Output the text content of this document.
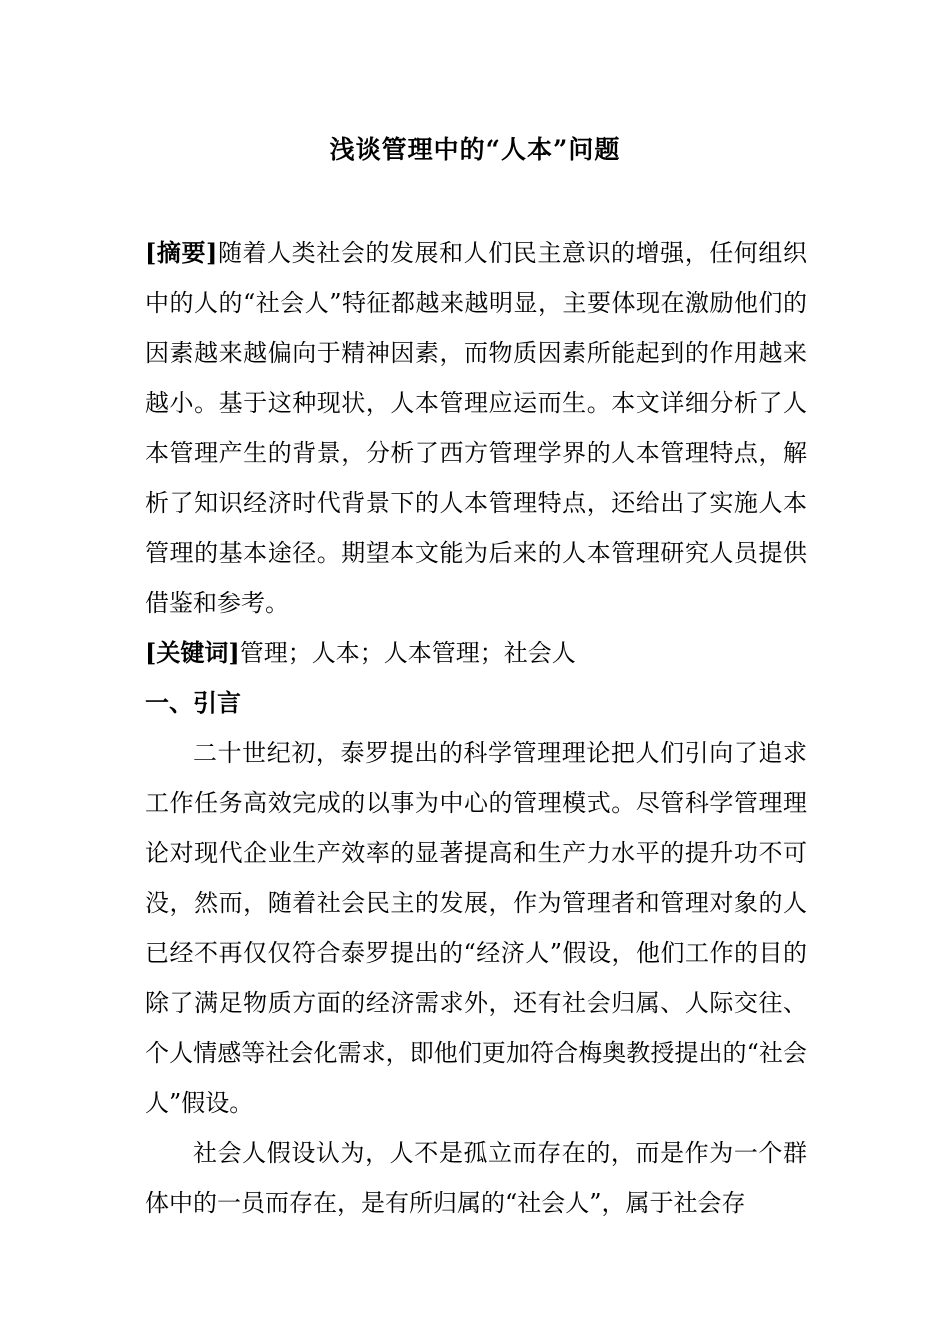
浅谈管理中的“人本”问题

[摘要]随着人类社会的发展和人们民主意识的增强，任何组织中的人的“社会人”特征都越来越明显，主要体现在激励他们的因素越来越偏向于精神因素，而物质因素所能起到的作用越来越小。基于这种现状，人本管理应运而生。本文详细分析了人本管理产生的背景，分析了西方管理学界的人本管理特点，解析了知识经济时代背景下的人本管理特点，还给出了实施人本管理的基本途径。期望本文能为后来的人本管理研究人员提供借鉴和参考。

[关键词]管理；人本；人本管理；社会人

一、引言

二十世纪初，泰罗提出的科学管理理论把人们引向了追求工作任务高效完成的以事为中心的管理模式。尽管科学管理理论对现代企业生产效率的显著提高和生产力水平的提升功不可没，然而，随着社会民主的发展，作为管理者和管理对象的人已经不再仅仅符合泰罗提出的“经济人”假设，他们工作的目的除了满足物质方面的经济需求外，还有社会归属、人际交往、个人情感等社会化需求，即他们更加符合梅奥教授提出的“社会人”假设。

社会人假设认为，人不是孤立而存在的，而是作为一个群体中的一员而存在，是有所归属的“社会人”，属于社会存
